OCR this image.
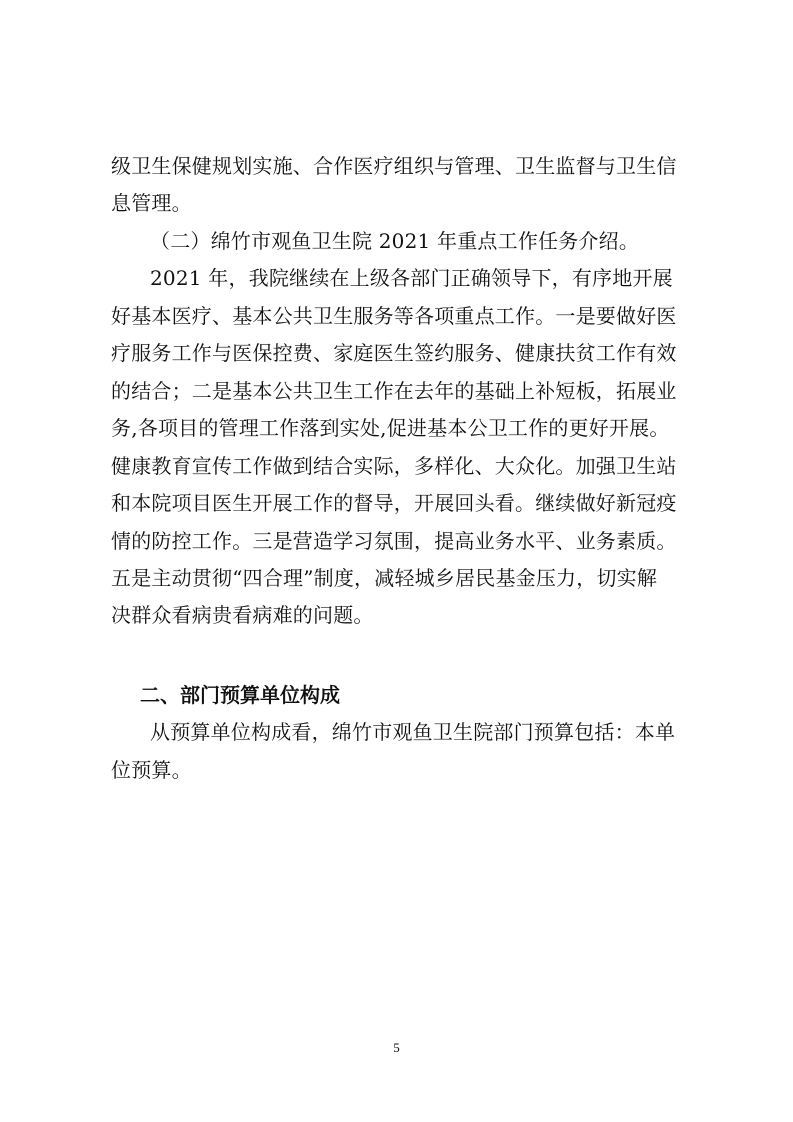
级卫生保健规划实施、合作医疗组织与管理、卫生监督与卫生信
息管理。
（二）绵竹市观鱼卫生院 2021 年重点工作任务介绍。
2021 年，我院继续在上级各部门正确领导下，有序地开展
好基本医疗、基本公共卫生服务等各项重点工作。一是要做好医
疗服务工作与医保控费、家庭医生签约服务、健康扶贫工作有效
的结合；二是基本公共卫生工作在去年的基础上补短板，拓展业
务,各项目的管理工作落到实处,促进基本公卫工作的更好开展。
健康教育宣传工作做到结合实际，多样化、大众化。加强卫生站
和本院项目医生开展工作的督导，开展回头看。继续做好新冠疫
情的防控工作。三是营造学习氛围，提高业务水平、业务素质。
五是主动贯彻“四合理”制度，减轻城乡居民基金压力，切实解
决群众看病贵看病难的问题。
二、部门预算单位构成
从预算单位构成看，绵竹市观鱼卫生院部门预算包括：本单
位预算。
5
